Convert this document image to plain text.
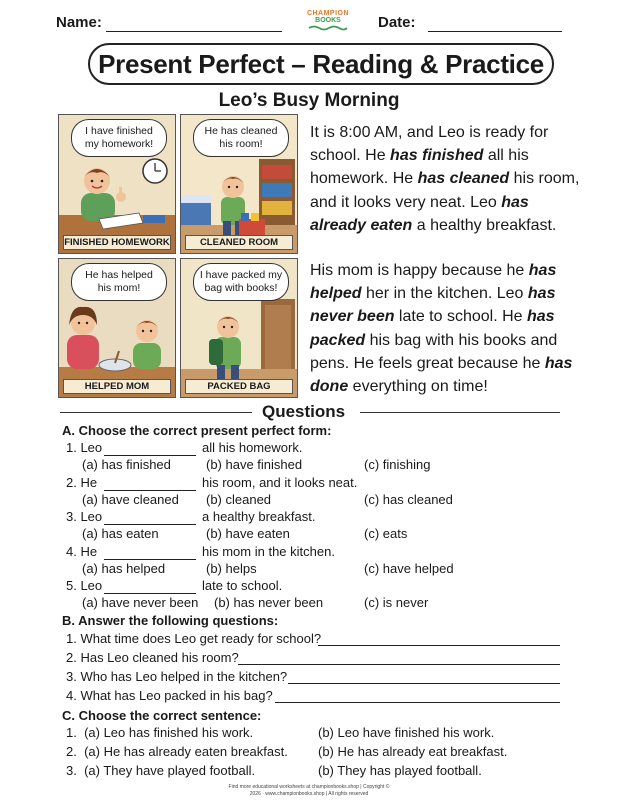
Name:
CHAMPION
BOOKS	Date:
Present Perfect – Reading & Practice
Leo’s Busy Morning
I have finished
my homework!
FINISHED HOMEWORK
He has cleaned
his room!
CLEANED ROOM
He has helped
his mom!
HELPED MOM
I have packed my
bag with books!
PACKED BAG
It is 8:00 AM, and Leo is ready for school. He has finished all his homework. He has cleaned his room, and it looks very neat. Leo has already eaten a healthy breakfast.
His mom is happy because he has helped her in the kitchen. Leo has never been late to school. He has packed his bag with his books and pens. He feels great because he has done everything on time!
Questions
A. Choose the correct present perfect form:
1. Leo	all his homework.
(a) has finished	(b) have finished	(c) finishing
2. He	his room, and it looks neat.
(a) have cleaned (b) cleaned	(c) has cleaned
3. Leo	a healthy breakfast.
(a) has eaten	(b) have eaten	(c) eats
4. He	his mom in the kitchen.
(a) has helped	(b) helps	(c) have helped
5. Leo	late to school.
(a) have never been (b) has never been	(c) is never
B. Answer the following questions:
1. What time does Leo get ready for school?
2. Has Leo cleaned his room?
3. Who has Leo helped in the kitchen?
4. What has Leo packed in his bag?
C. Choose the correct sentence:
1.  (a) Leo has finished his work.	(b) Leo have finished his work.
2.  (a) He has already eaten breakfast. (b) He has already eat breakfast.
3.  (a) They have played football.	(b) They has played football.
Find more educational worksheets at championbooks.shop | Copyright ©
2026 · www.championbooks.shop | All rights reserved
